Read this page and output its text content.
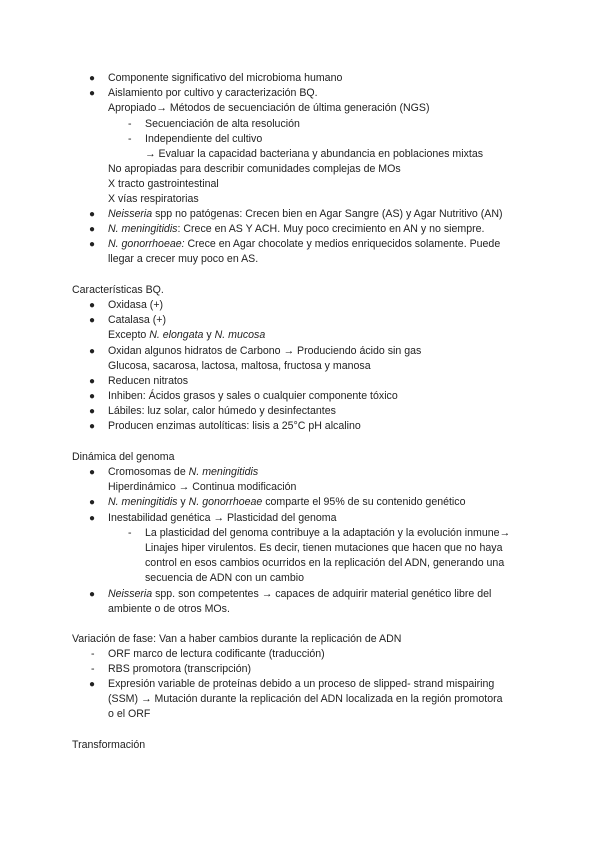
● Componente significativo del microbioma humano
● Aislamiento por cultivo y caracterización BQ.
Apropiado→ Métodos de secuenciación de última generación (NGS)
- Secuenciación de alta resolución
- Independiente del cultivo
→ Evaluar la capacidad bacteriana y abundancia en poblaciones mixtas
No apropiadas para describir comunidades complejas de MOs
X tracto gastrointestinal
X vías respiratorias
● Neisseria spp no patógenas: Crecen bien en Agar Sangre (AS) y Agar Nutritivo (AN)
● N. meningitidis: Crece en AS Y ACH. Muy poco crecimiento en AN y no siempre.
● N. gonorrhoeae: Crece en Agar chocolate y medios enriquecidos solamente. Puede
llegar a crecer muy poco en AS.
Características BQ.
● Oxidasa (+)
● Catalasa (+)
Excepto N. elongata y N. mucosa
● Oxidan algunos hidratos de Carbono → Produciendo ácido sin gas
Glucosa, sacarosa, lactosa, maltosa, fructosa y manosa
● Reducen nitratos
● Inhiben: Ácidos grasos y sales o cualquier componente tóxico
● Lábiles: luz solar, calor húmedo y desinfectantes
● Producen enzimas autolíticas: lisis a 25°C pH alcalino
Dinámica del genoma
● Cromosomas de N. meningitidis
Hiperdinámico → Continua modificación
● N. meningitidis y N. gonorrhoeae comparte el 95% de su contenido genético
● Inestabilidad genética → Plasticidad del genoma
- La plasticidad del genoma contribuye a la adaptación y la evolución inmune→
Linajes hiper virulentos. Es decir, tienen mutaciones que hacen que no haya
control en esos cambios ocurridos en la replicación del ADN, generando una
secuencia de ADN con un cambio
● Neisseria spp. son competentes → capaces de adquirir material genético libre del
ambiente o de otros MOs.
Variación de fase: Van a haber cambios durante la replicación de ADN
- ORF marco de lectura codificante (traducción)
- RBS promotora (transcripción)
● Expresión variable de proteínas debido a un proceso de slipped- strand mispairing
(SSM) → Mutación durante la replicación del ADN localizada en la región promotora
o el ORF
Transformación
